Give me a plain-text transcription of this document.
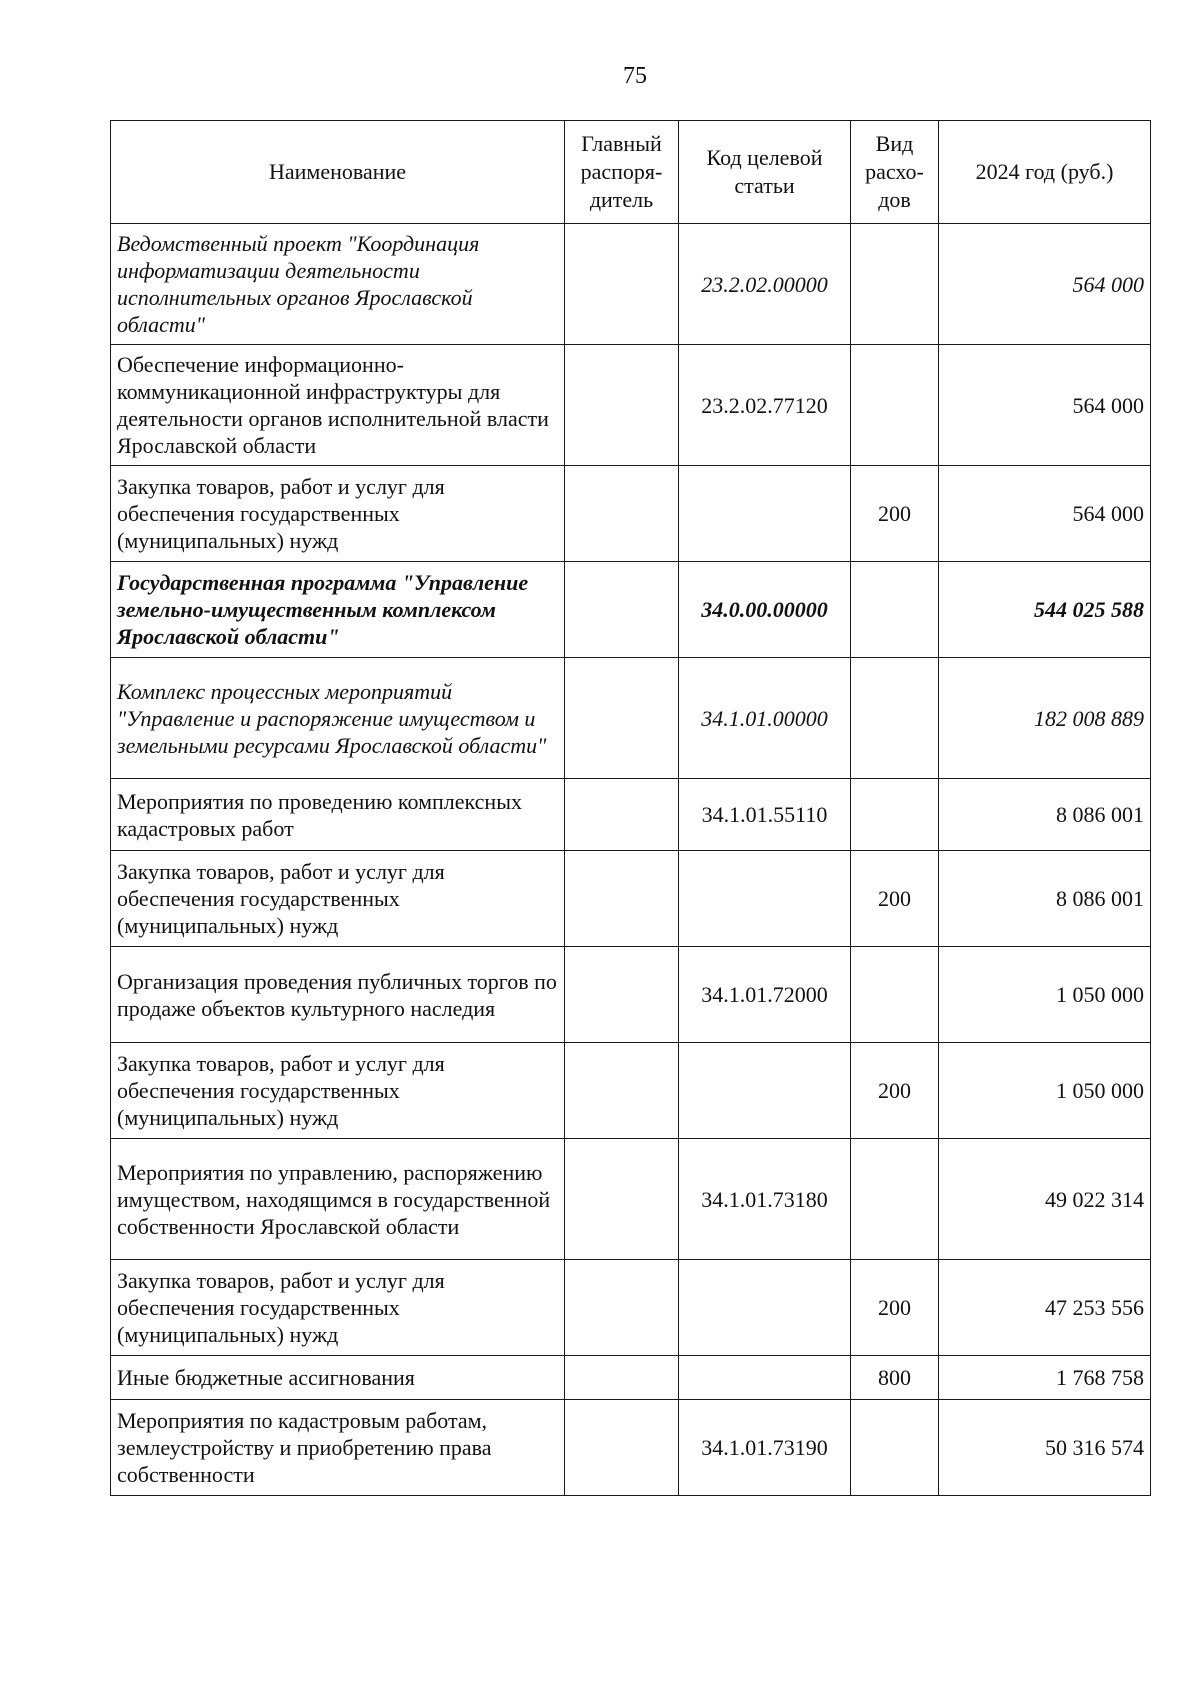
75
Наименование	Главный распоря-дитель	Код целевой статьи	Вид расхо-дов	2024 год (руб.)
Ведомственный проект "Координация информатизации деятельности исполнительных органов Ярославской области"		23.2.02.00000		564 000
Обеспечение информационно-коммуникационной инфраструктуры для деятельности органов исполнительной власти Ярославской области		23.2.02.77120		564 000
Закупка товаров, работ и услуг для обеспечения государственных (муниципальных) нужд			200	564 000
Государственная программа "Управление земельно-имущественным комплексом Ярославской области"		34.0.00.00000		544 025 588
Комплекс процессных мероприятий "Управление и распоряжение имуществом и земельными ресурсами Ярославской области"		34.1.01.00000		182 008 889
Мероприятия по проведению комплексных кадастровых работ		34.1.01.55110		8 086 001
Закупка товаров, работ и услуг для обеспечения государственных (муниципальных) нужд			200	8 086 001
Организация проведения публичных торгов по продаже объектов культурного наследия		34.1.01.72000		1 050 000
Закупка товаров, работ и услуг для обеспечения государственных (муниципальных) нужд			200	1 050 000
Мероприятия по управлению, распоряжению имуществом, находящимся в государственной собственности Ярославской области		34.1.01.73180		49 022 314
Закупка товаров, работ и услуг для обеспечения государственных (муниципальных) нужд			200	47 253 556
Иные бюджетные ассигнования			800	1 768 758
Мероприятия по кадастровым работам, землеустройству и приобретению права собственности		34.1.01.73190		50 316 574
